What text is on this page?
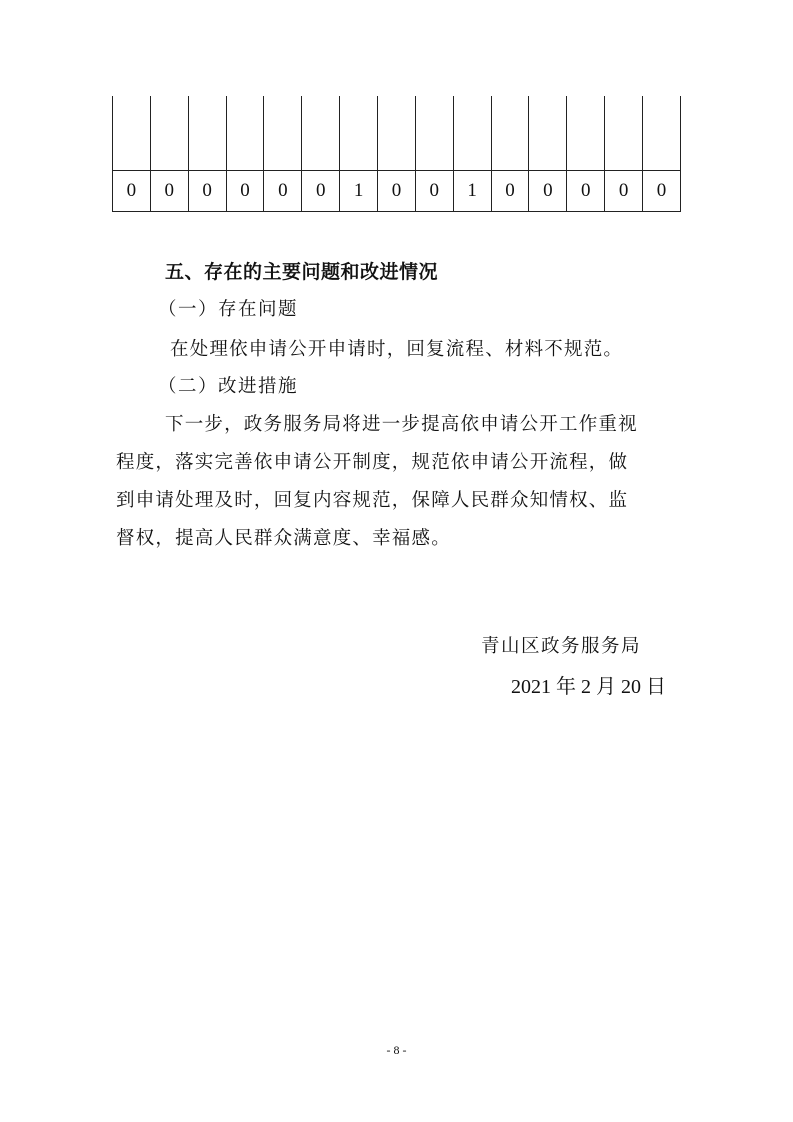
0	0	0	0	0	0	1	0	0	1	0	0	0	0	0
五、存在的主要问题和改进情况
（一）存在问题
在处理依申请公开申请时，回复流程、材料不规范。
（二）改进措施
下一步，政务服务局将进一步提高依申请公开工作重视
程度，落实完善依申请公开制度，规范依申请公开流程，做
到申请处理及时，回复内容规范，保障人民群众知情权、监
督权，提高人民群众满意度、幸福感。
青山区政务服务局
2021 年 2 月 20 日
- 8 -
